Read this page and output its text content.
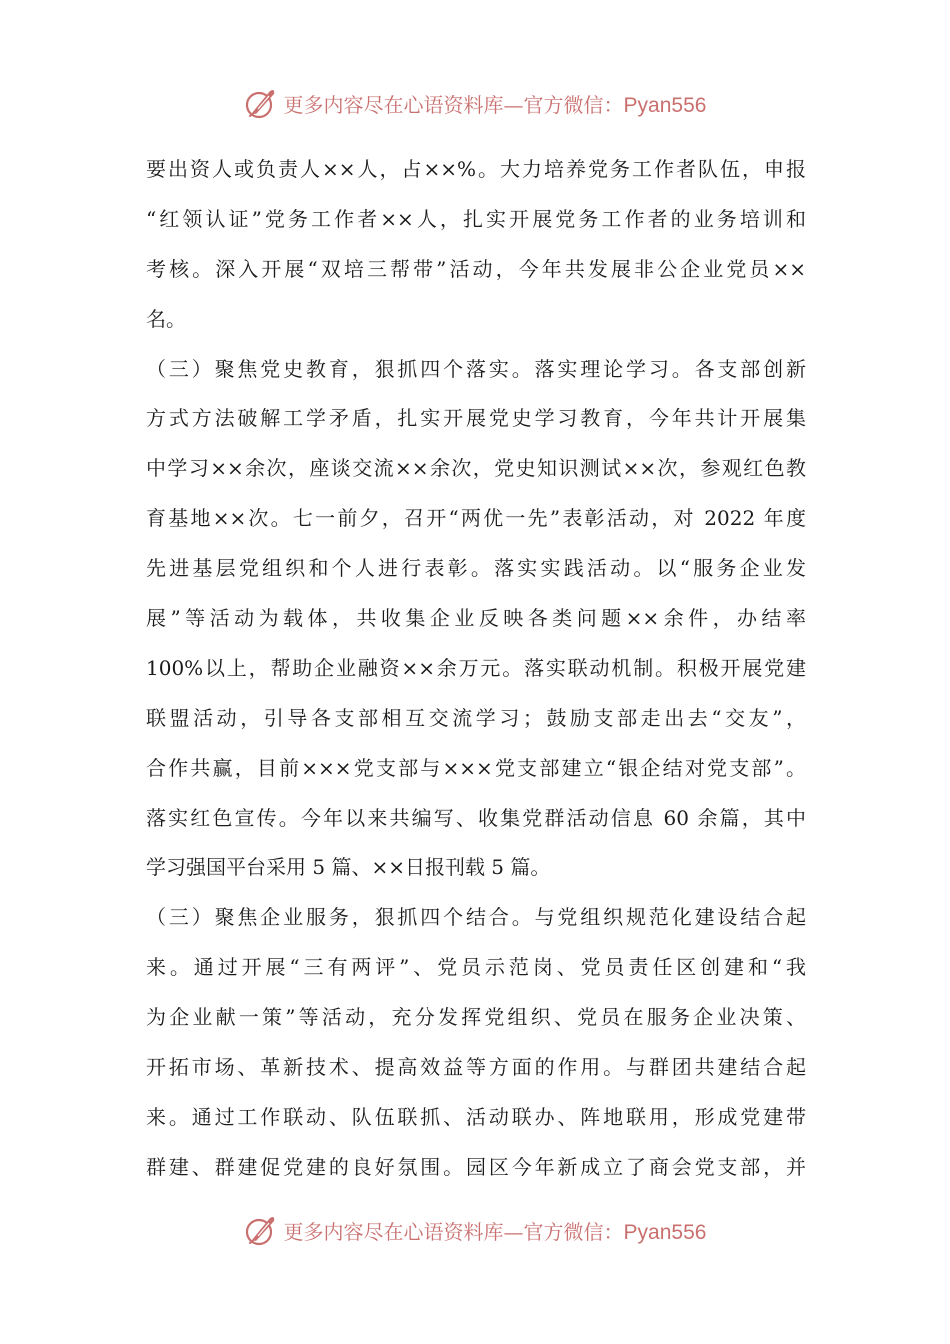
更多内容尽在心语资料库—官方微信：Pyan556
要出资人或负责人××人，占××%。大力培养党务工作者队伍，申报
“红领认证”党务工作者××人，扎实开展党务工作者的业务培训和
考核。深入开展“双培三帮带”活动，今年共发展非公企业党员××
名。
（三）聚焦党史教育，狠抓四个落实。落实理论学习。各支部创新
方式方法破解工学矛盾，扎实开展党史学习教育，今年共计开展集
中学习××余次，座谈交流××余次，党史知识测试××次，参观红色教
育基地××次。七一前夕，召开“两优一先”表彰活动，对 2022 年度
先进基层党组织和个人进行表彰。落实实践活动。以“服务企业发
展”等活动为载体，共收集企业反映各类问题××余件，办结率
100%以上，帮助企业融资××余万元。落实联动机制。积极开展党建
联盟活动，引导各支部相互交流学习；鼓励支部走出去“交友”，
合作共赢，目前×××党支部与×××党支部建立“银企结对党支部”。
落实红色宣传。今年以来共编写、收集党群活动信息 60 余篇，其中
学习强国平台采用 5 篇、××日报刊载 5 篇。
（三）聚焦企业服务，狠抓四个结合。与党组织规范化建设结合起
来。通过开展“三有两评”、党员示范岗、党员责任区创建和“我
为企业献一策”等活动，充分发挥党组织、党员在服务企业决策、
开拓市场、革新技术、提高效益等方面的作用。与群团共建结合起
来。通过工作联动、队伍联抓、活动联办、阵地联用，形成党建带
群建、群建促党建的良好氛围。园区今年新成立了商会党支部，并
更多内容尽在心语资料库—官方微信：Pyan556
